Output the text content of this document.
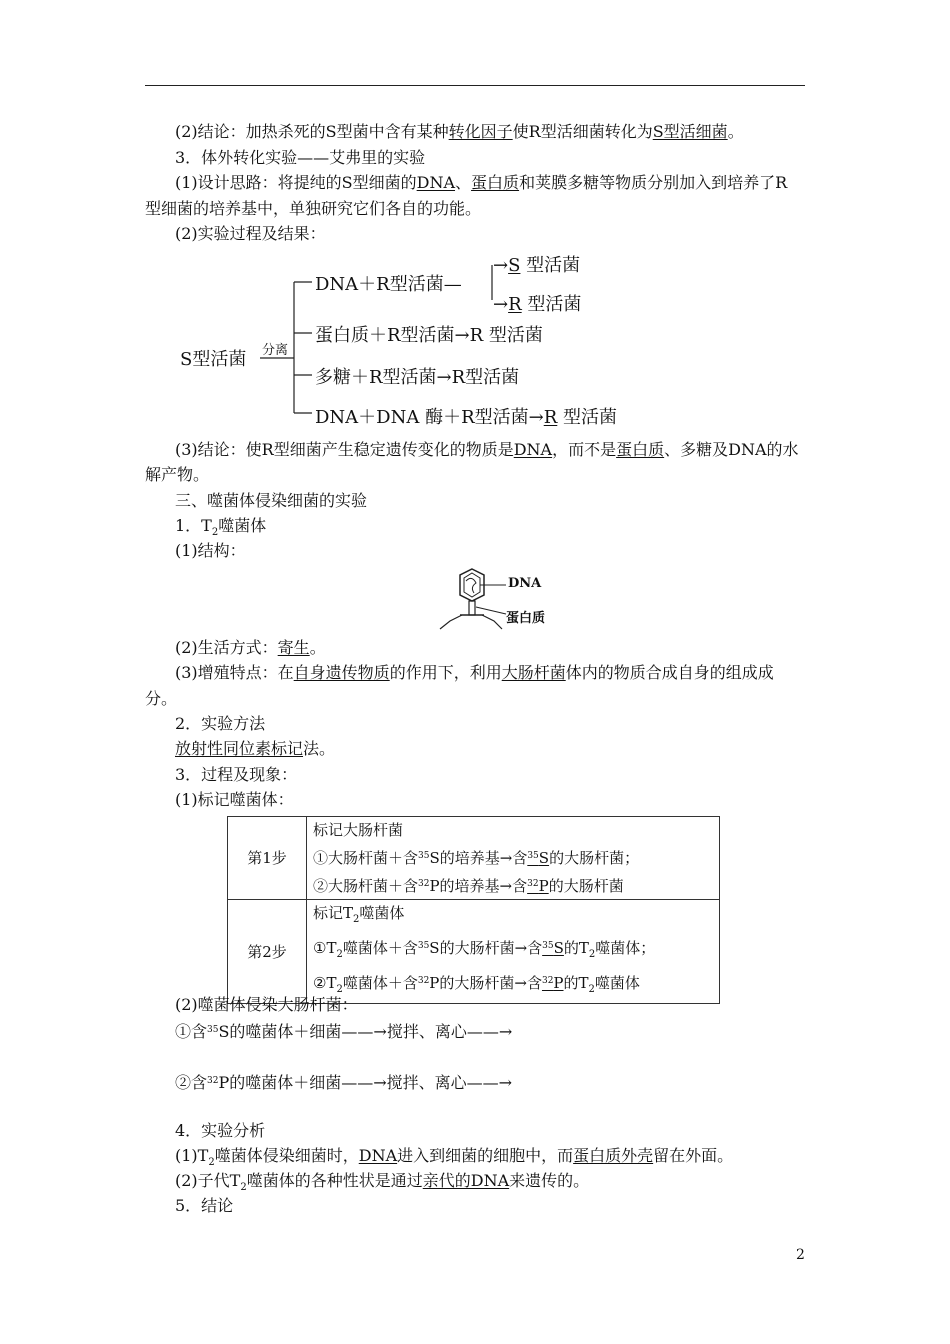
(2)结论：加热杀死的S型菌中含有某种转化因子使R型活细菌转化为S型活细菌。
3．体外转化实验——艾弗里的实验
(1)设计思路：将提纯的S型细菌的DNA、蛋白质和荚膜多糖等物质分别加入到培养了R
型细菌的培养基中，单独研究它们各自的功能。
(2)实验过程及结果：
S型活菌 分离
DNA＋R型活菌—
→S 型活菌
→R 型活菌
蛋白质＋R型活菌→R 型活菌
多糖＋R型活菌→R型活菌
DNA＋DNA 酶＋R型活菌→R 型活菌
(3)结论：使R型细菌产生稳定遗传变化的物质是DNA，而不是蛋白质、多糖及DNA的水
解产物。
三、噬菌体侵染细菌的实验
1．$T_2$噬菌体
(1)结构：
DNA
蛋白质
(2)生活方式：寄生。
(3)增殖特点：在自身遗传物质的作用下，利用大肠杆菌体内的物质合成自身的组成成
分。
2．实验方法
放射性同位素标记法。
3．过程及现象：
(1)标记噬菌体：
第1步	标记大肠杆菌
①大肠杆菌＋含$^{35}$S的培养基→含$^{35}$S的大肠杆菌；
②大肠杆菌＋含$^{32}$P的培养基→含$^{32}$P的大肠杆菌

第2步	标记$T_2$噬菌体
$①T_2$噬菌体＋含$^{35}$S的大肠杆菌→含$^{35}$S的$T_2$噬菌体；
$②T_2$噬菌体＋含$^{32}$P的大肠杆菌→含$^{32}$P的$T_2$噬菌体
(2)噬菌体侵染大肠杆菌：
①含$^{35}$S的噬菌体＋细菌——→搅拌、离心——→
②含$^{32}$P的噬菌体＋细菌——→搅拌、离心——→
4．实验分析
$(1)T_2$噬菌体侵染细菌时，DNA进入到细菌的细胞中，而蛋白质外壳留在外面。
(2)子代$T_2$噬菌体的各种性状是通过亲代的DNA来遗传的。
5．结论
2
